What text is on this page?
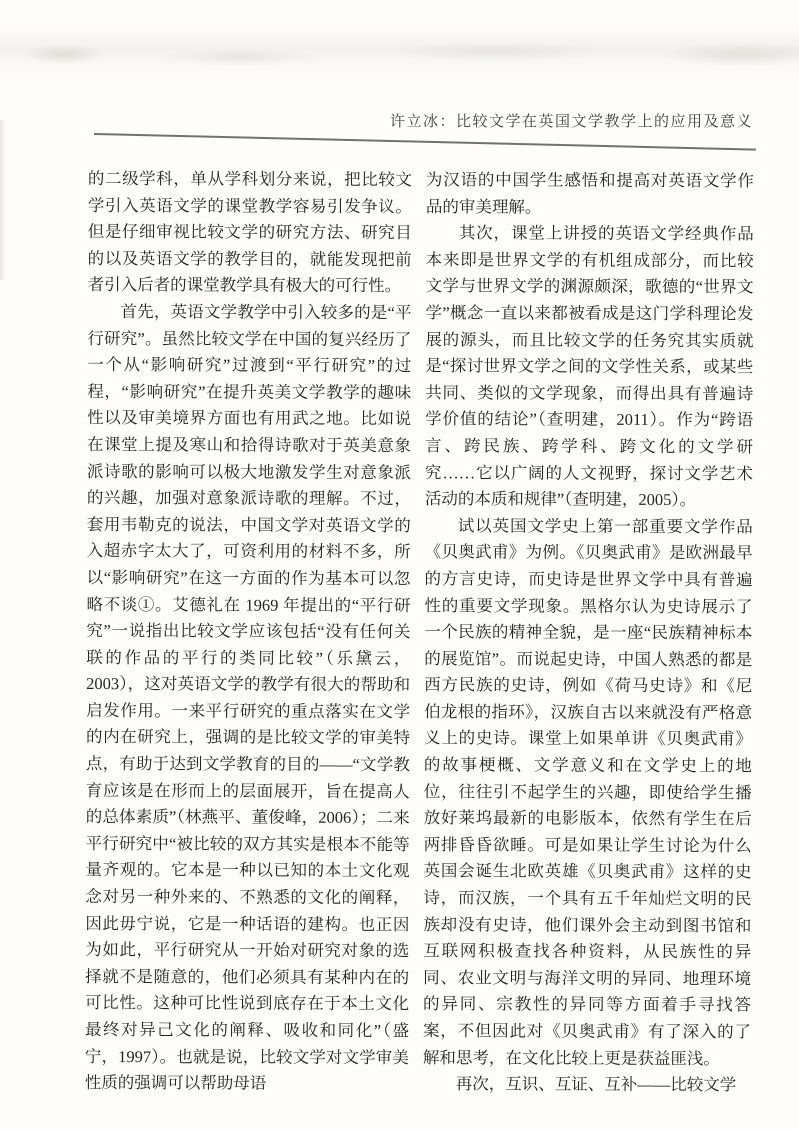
许立冰：比较文学在英国文学教学上的应用及意义

的二级学科，单从学科划分来说，把比较文学引入英语文学的课堂教学容易引发争议。但是仔细审视比较文学的研究方法、研究目的以及英语文学的教学目的，就能发现把前者引入后者的课堂教学具有极大的可行性。

首先，英语文学教学中引入较多的是“平行研究”。虽然比较文学在中国的复兴经历了一个从“影响研究”过渡到“平行研究”的过程，“影响研究”在提升英美文学教学的趣味性以及审美境界方面也有用武之地。比如说在课堂上提及寒山和拾得诗歌对于英美意象派诗歌的影响可以极大地激发学生对意象派的兴趣，加强对意象派诗歌的理解。不过，套用韦勒克的说法，中国文学对英语文学的入超赤字太大了，可资利用的材料不多，所以“影响研究”在这一方面的作为基本可以忽略不谈①。艾德礼在 1969 年提出的“平行研究”一说指出比较文学应该包括“没有任何关联的作品的平行的类同比较”（乐黛云，2003），这对英语文学的教学有很大的帮助和启发作用。一来平行研究的重点落实在文学的内在研究上，强调的是比较文学的审美特点，有助于达到文学教育的目的——“文学教育应该是在形而上的层面展开，旨在提高人的总体素质”（林燕平、董俊峰，2006）；二来平行研究中“被比较的双方其实是根本不能等量齐观的。它本是一种以已知的本土文化观念对另一种外来的、不熟悉的文化的阐释，因此毋宁说，它是一种话语的建构。也正因为如此，平行研究从一开始对研究对象的选择就不是随意的，他们必须具有某种内在的可比性。这种可比性说到底存在于本土文化最终对异己文化的阐释、吸收和同化”（盛宁，1997）。也就是说，比较文学对文学审美性质的强调可以帮助母语

为汉语的中国学生感悟和提高对英语文学作品的审美理解。

其次，课堂上讲授的英语文学经典作品本来即是世界文学的有机组成部分，而比较文学与世界文学的渊源颇深，歌德的“世界文学”概念一直以来都被看成是这门学科理论发展的源头，而且比较文学的任务究其实质就是“探讨世界文学之间的文学性关系，或某些共同、类似的文学现象，而得出具有普遍诗学价值的结论”（查明建，2011）。作为“跨语言、跨民族、跨学科、跨文化的文学研究……它以广阔的人文视野，探讨文学艺术活动的本质和规律”（查明建，2005）。

试以英国文学史上第一部重要文学作品《贝奥武甫》为例。《贝奥武甫》是欧洲最早的方言史诗，而史诗是世界文学中具有普遍性的重要文学现象。黑格尔认为史诗展示了一个民族的精神全貌，是一座“民族精神标本的展览馆”。而说起史诗，中国人熟悉的都是西方民族的史诗，例如《荷马史诗》和《尼伯龙根的指环》，汉族自古以来就没有严格意义上的史诗。课堂上如果单讲《贝奥武甫》的故事梗概、文学意义和在文学史上的地位，往往引不起学生的兴趣，即使给学生播放好莱坞最新的电影版本，依然有学生在后两排昏昏欲睡。可是如果让学生讨论为什么英国会诞生北欧英雄《贝奥武甫》这样的史诗，而汉族，一个具有五千年灿烂文明的民族却没有史诗，他们课外会主动到图书馆和互联网积极查找各种资料，从民族性的异同、农业文明与海洋文明的异同、地理环境的异同、宗教性的异同等方面着手寻找答案，不但因此对《贝奥武甫》有了深入的了解和思考，在文化比较上更是获益匪浅。

再次，互识、互证、互补——比较文学
